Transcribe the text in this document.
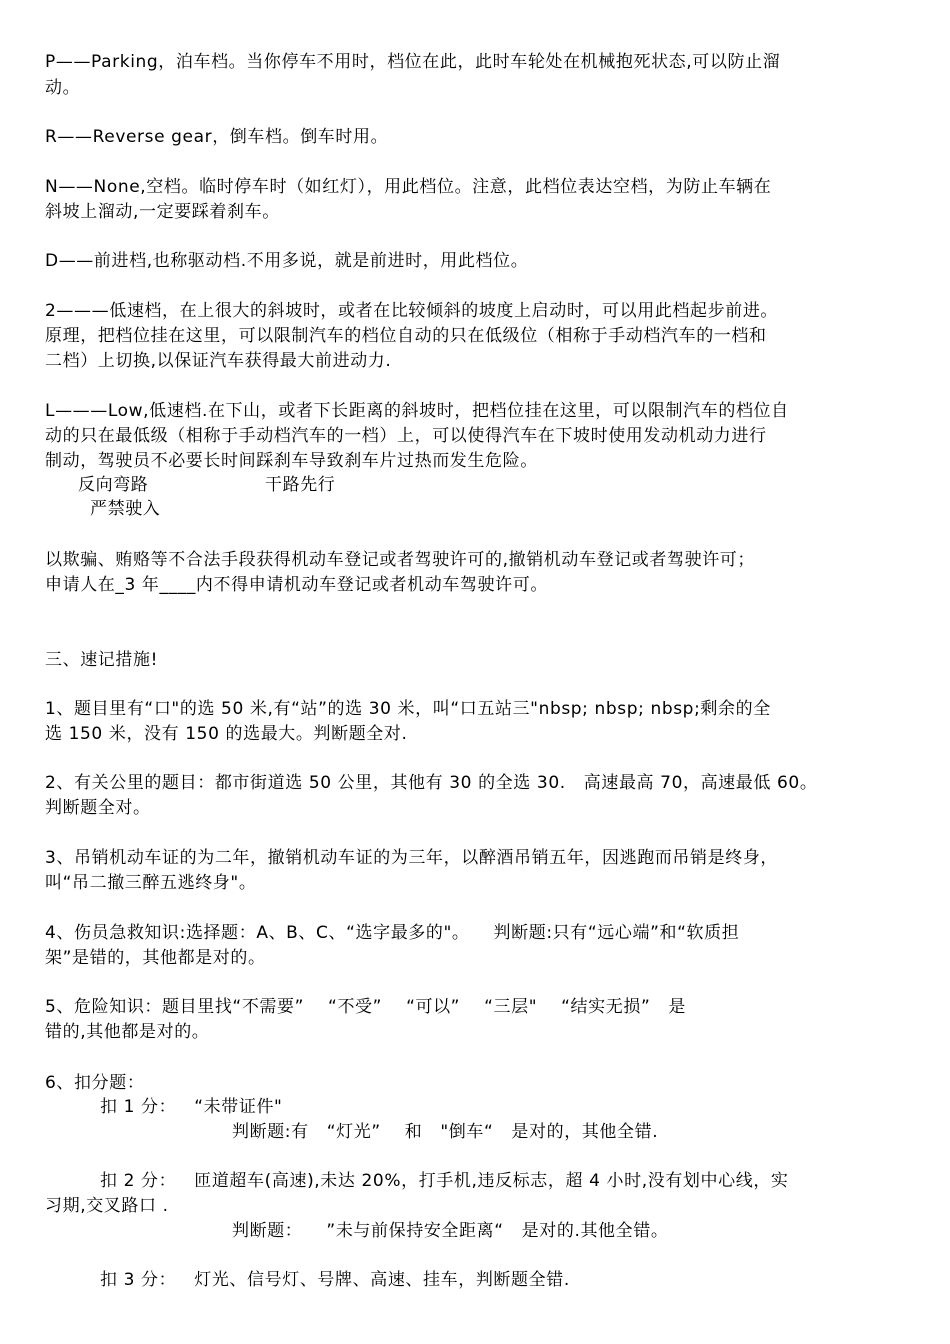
P——Parking，泊车档。当你停车不用时，档位在此，此时车轮处在机械抱死状态,可以防止溜
动。
R——Reverse gear，倒车档。倒车时用。
N——None,空档。临时停车时（如红灯），用此档位。注意，此档位表达空档，为防止车辆在
斜坡上溜动,一定要踩着刹车。
D——前进档,也称驱动档.不用多说，就是前进时，用此档位。
2———低速档，在上很大的斜坡时，或者在比较倾斜的坡度上启动时，可以用此档起步前进。
原理，把档位挂在这里，可以限制汽车的档位自动的只在低级位（相称于手动档汽车的一档和
二档）上切换,以保证汽车获得最大前进动力.
L———Low,低速档.在下山，或者下长距离的斜坡时，把档位挂在这里，可以限制汽车的档位自
动的只在最低级（相称于手动档汽车的一档）上，可以使得汽车在下坡时使用发动机动力进行
制动，驾驶员不必要长时间踩刹车导致刹车片过热而发生危险。
反向弯路	干路先行
严禁驶入
以欺骗、贿赂等不合法手段获得机动车登记或者驾驶许可的,撤销机动车登记或者驾驶许可；
申请人在_3 年____内不得申请机动车登记或者机动车驾驶许可。
三、速记措施!
1、题目里有“口"的选 50 米,有“站”的选 30 米，叫“口五站三"nbsp; nbsp; nbsp;剩余的全
选 150 米，没有 150 的选最大。判断题全对.
2、有关公里的题目：都市街道选 50 公里，其他有 30 的全选 30.   高速最高 70，高速最低 60。
判断题全对。
3、吊销机动车证的为二年，撤销机动车证的为三年，以醉酒吊销五年，因逃跑而吊销是终身，
叫“吊二撤三醉五逃终身"。
4、伤员急救知识:选择题：A、B、C、“选字最多的"。    判断题:只有“远心端”和“软质担
架”是错的，其他都是对的。
5、危险知识：题目里找“不需要”    “不受”    “可以”    “三层"    “结实无损”   是
错的,其他都是对的。
6、扣分题：
扣 1 分：   “未带证件"
判断题:有   “灯光”    和   "倒车“   是对的，其他全错.
扣 2 分：   匝道超车(高速),未达 20%，打手机,违反标志，超 4 小时,没有划中心线，实
习期,交叉路口 .
判断题：    ”未与前保持安全距离“   是对的.其他全错。
扣 3 分：   灯光、信号灯、号牌、高速、挂车，判断题全错.
